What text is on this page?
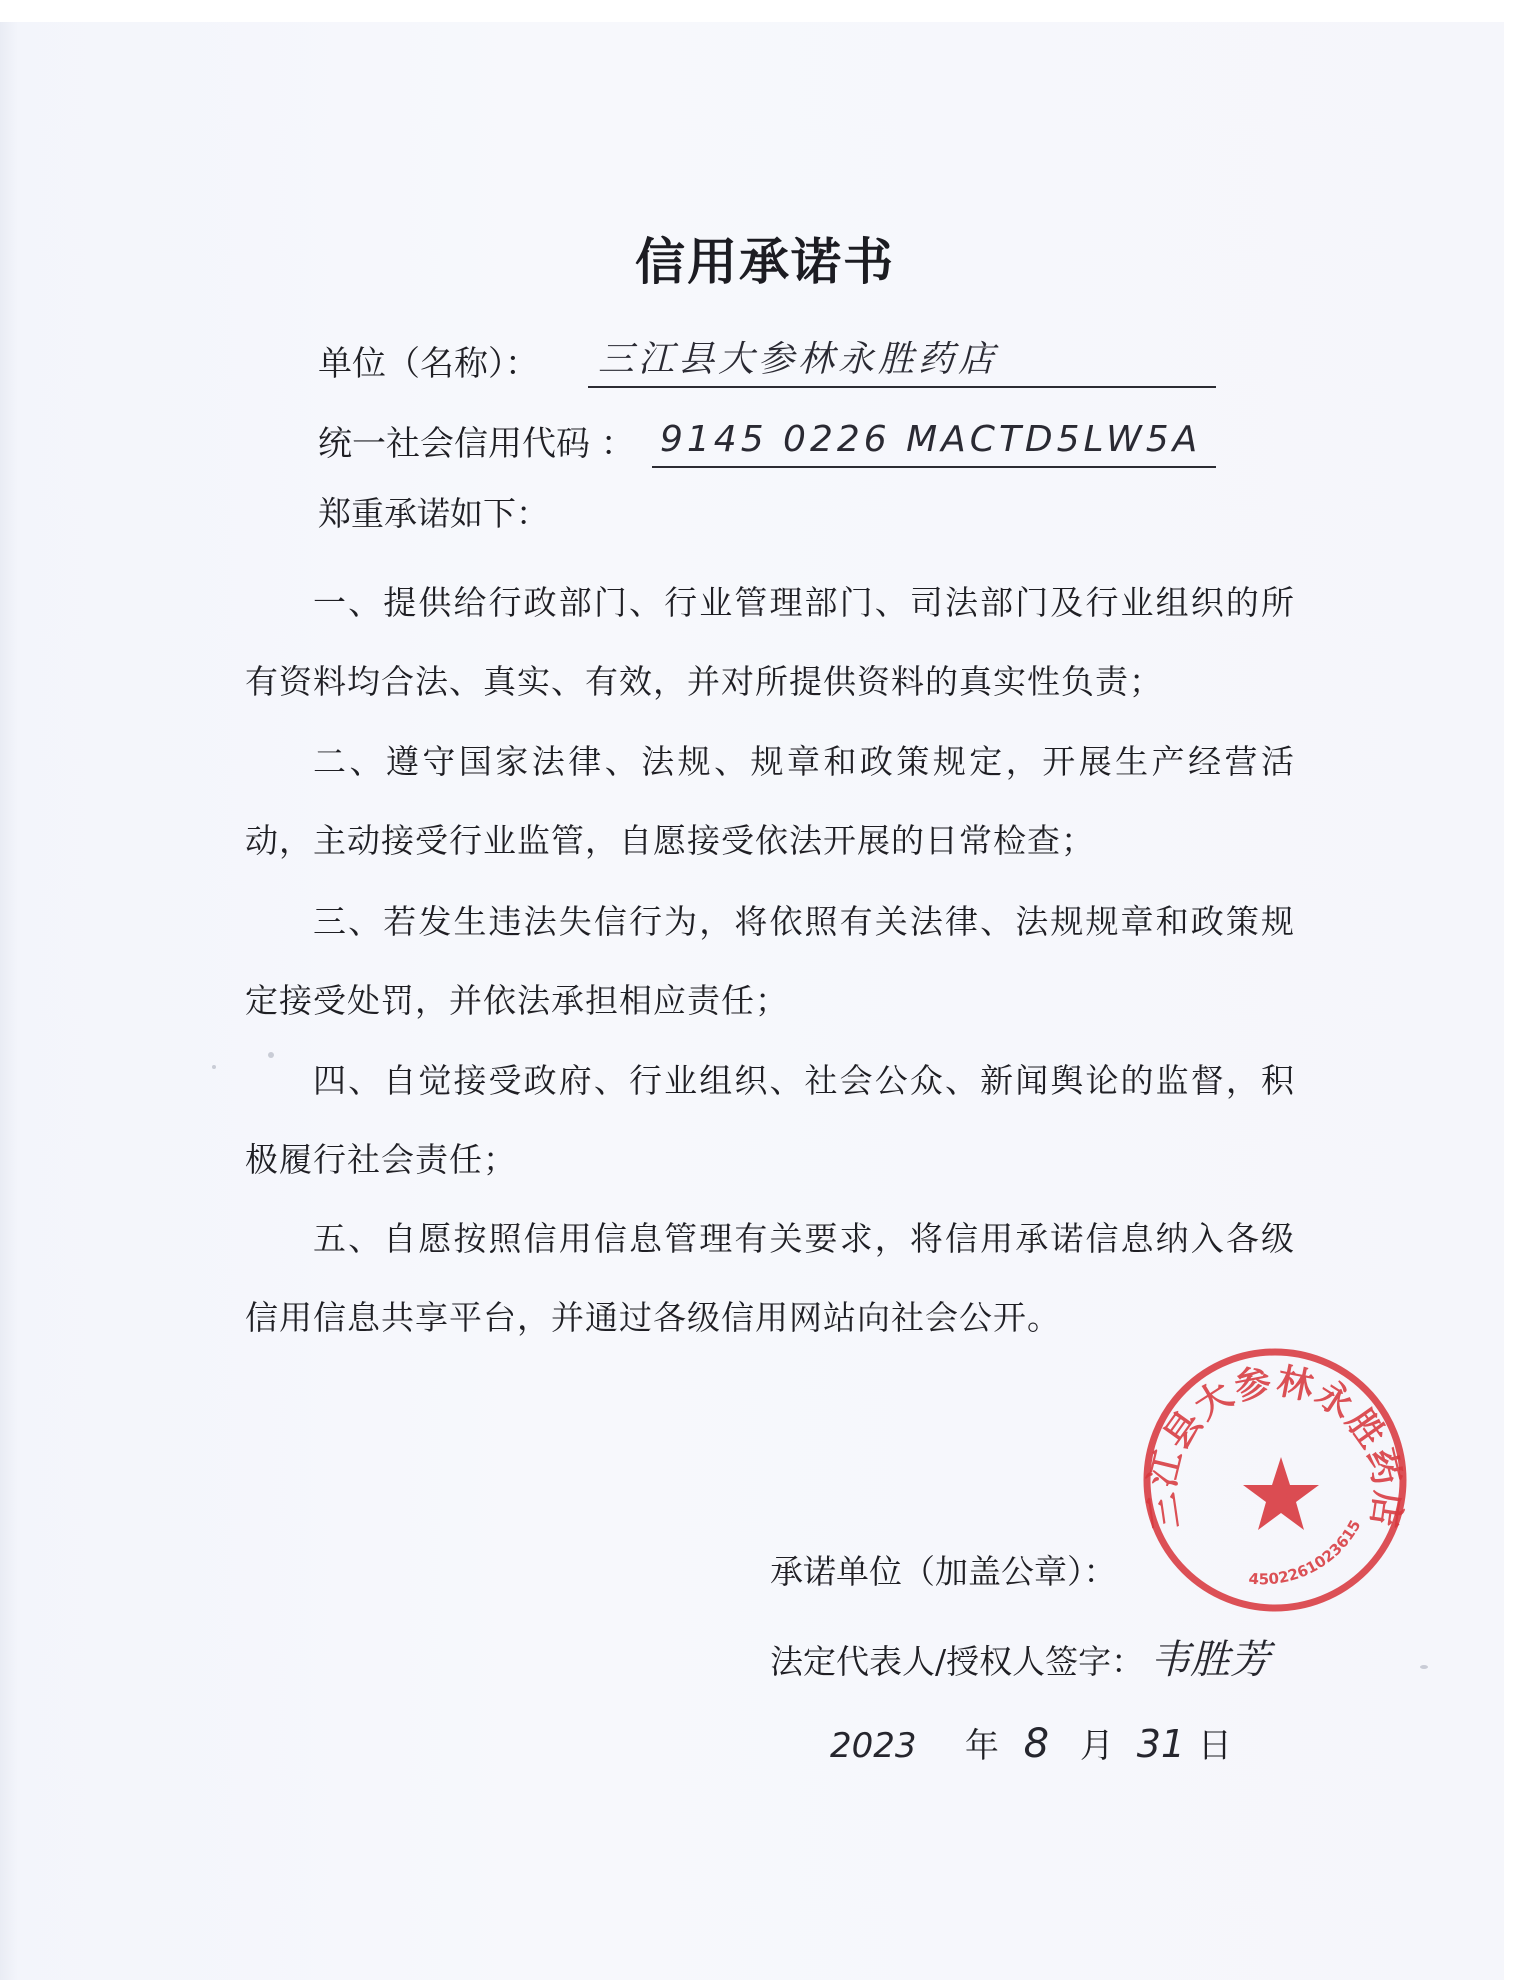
信用承诺书
单位（名称）： 三江县大参林永胜药店
统一社会信用代码 ： 9145 0226 MACTD5LW5A
郑重承诺如下：
一、提供给行政部门、行业管理部门、司法部门及行业组织的所有资料均合法、真实、有效，并对所提供资料的真实性负责；
二、遵守国家法律、法规、规章和政策规定，开展生产经营活动，主动接受行业监管，自愿接受依法开展的日常检查；
三、若发生违法失信行为，将依照有关法律、法规规章和政策规定接受处罚，并依法承担相应责任；
四、自觉接受政府、行业组织、社会公众、新闻舆论的监督，积极履行社会责任；
五、自愿按照信用信息管理有关要求，将信用承诺信息纳入各级信用信息共享平台，并通过各级信用网站向社会公开。
三江县大参林永胜药店
4502261023615
承诺单位（加盖公章）：
法定代表人/授权人签字： 韦胜芳
2023 年 8 月 31 日
